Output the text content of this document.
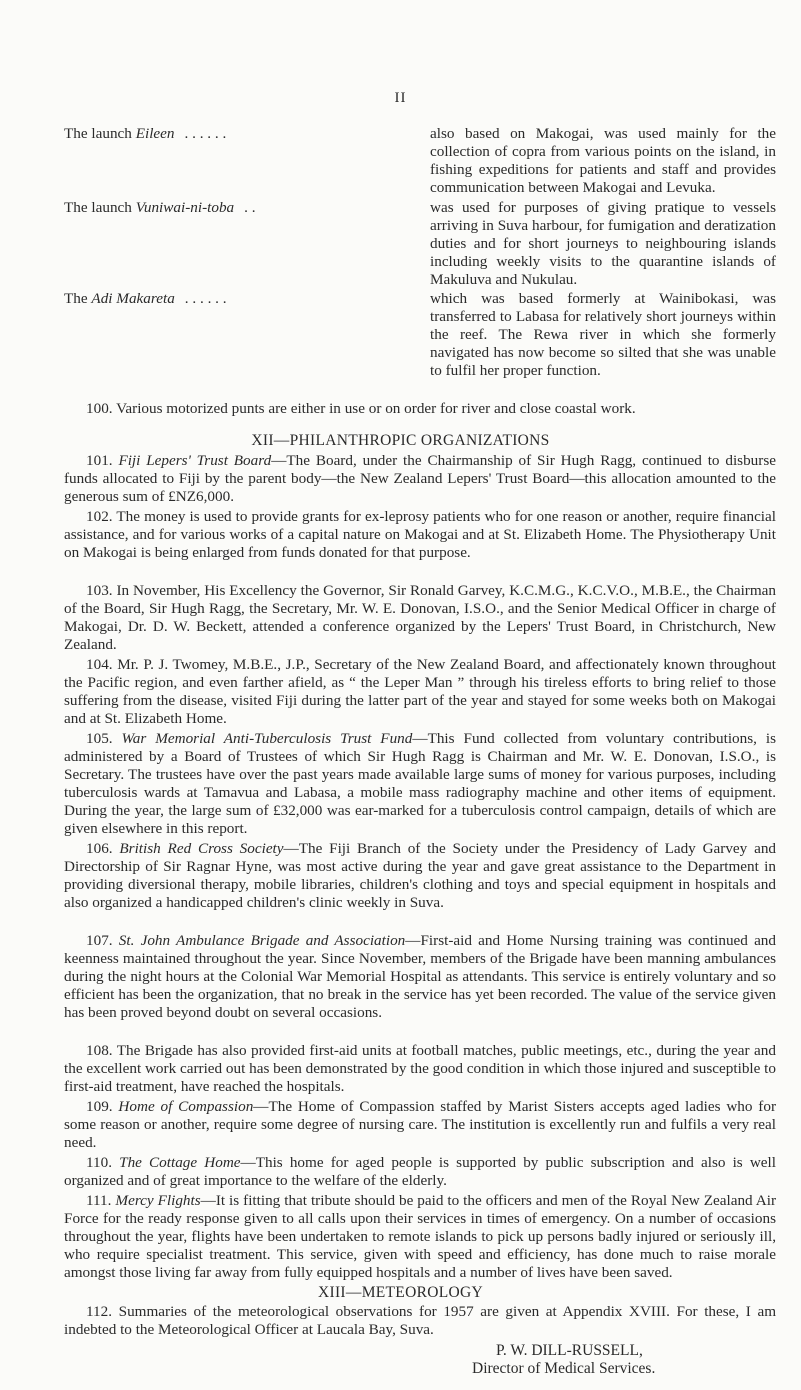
II
The launch Eileen . . . . . .	also based on Makogai, was used mainly for the collection of copra from various points on the island, in fishing expeditions for patients and staff and provides communication between Makogai and Levuka.
The launch Vuniwai-ni-toba . .	was used for purposes of giving pratique to vessels arriving in Suva harbour, for fumigation and deratization duties and for short journeys to neighbouring islands including weekly visits to the quarantine islands of Makuluva and Nukulau.
The Adi Makareta . . . . . .	which was based formerly at Wainibokasi, was transferred to Labasa for relatively short journeys within the reef. The Rewa river in which she formerly navigated has now become so silted that she was unable to fulfil her proper function.
100. Various motorized punts are either in use or on order for river and close coastal work.
XII—PHILANTHROPIC ORGANIZATIONS
101. Fiji Lepers' Trust Board—The Board, under the Chairmanship of Sir Hugh Ragg, continued to disburse funds allocated to Fiji by the parent body—the New Zealand Lepers' Trust Board—this allocation amounted to the generous sum of £NZ6,000.
102. The money is used to provide grants for ex-leprosy patients who for one reason or another, require financial assistance, and for various works of a capital nature on Makogai and at St. Elizabeth Home. The Physiotherapy Unit on Makogai is being enlarged from funds donated for that purpose.
103. In November, His Excellency the Governor, Sir Ronald Garvey, K.C.M.G., K.C.V.O., M.B.E., the Chairman of the Board, Sir Hugh Ragg, the Secretary, Mr. W. E. Donovan, I.S.O., and the Senior Medical Officer in charge of Makogai, Dr. D. W. Beckett, attended a conference organized by the Lepers' Trust Board, in Christchurch, New Zealand.
104. Mr. P. J. Twomey, M.B.E., J.P., Secretary of the New Zealand Board, and affectionately known throughout the Pacific region, and even farther afield, as “ the Leper Man ” through his tireless efforts to bring relief to those suffering from the disease, visited Fiji during the latter part of the year and stayed for some weeks both on Makogai and at St. Elizabeth Home.
105. War Memorial Anti-Tuberculosis Trust Fund—This Fund collected from voluntary contributions, is administered by a Board of Trustees of which Sir Hugh Ragg is Chairman and Mr. W. E. Donovan, I.S.O., is Secretary. The trustees have over the past years made available large sums of money for various purposes, including tuberculosis wards at Tamavua and Labasa, a mobile mass radiography machine and other items of equipment. During the year, the large sum of £32,000 was ear-marked for a tuberculosis control campaign, details of which are given elsewhere in this report.
106. British Red Cross Society—The Fiji Branch of the Society under the Presidency of Lady Garvey and Directorship of Sir Ragnar Hyne, was most active during the year and gave great assistance to the Department in providing diversional therapy, mobile libraries, children's clothing and toys and special equipment in hospitals and also organized a handicapped children's clinic weekly in Suva.
107. St. John Ambulance Brigade and Association—First-aid and Home Nursing training was continued and keenness maintained throughout the year. Since November, members of the Brigade have been manning ambulances during the night hours at the Colonial War Memorial Hospital as attendants. This service is entirely voluntary and so efficient has been the organization, that no break in the service has yet been recorded. The value of the service given has been proved beyond doubt on several occasions.
108. The Brigade has also provided first-aid units at football matches, public meetings, etc., during the year and the excellent work carried out has been demonstrated by the good condition in which those injured and susceptible to first-aid treatment, have reached the hospitals.
109. Home of Compassion—The Home of Compassion staffed by Marist Sisters accepts aged ladies who for some reason or another, require some degree of nursing care. The institution is excellently run and fulfils a very real need.
110. The Cottage Home—This home for aged people is supported by public subscription and also is well organized and of great importance to the welfare of the elderly.
111. Mercy Flights—It is fitting that tribute should be paid to the officers and men of the Royal New Zealand Air Force for the ready response given to all calls upon their services in times of emergency. On a number of occasions throughout the year, flights have been undertaken to remote islands to pick up persons badly injured or seriously ill, who require specialist treatment. This service, given with speed and efficiency, has done much to raise morale amongst those living far away from fully equipped hospitals and a number of lives have been saved.
XIII—METEOROLOGY
112. Summaries of the meteorological observations for 1957 are given at Appendix XVIII. For these, I am indebted to the Meteorological Officer at Laucala Bay, Suva.
P. W. DILL-RUSSELL,
Director of Medical Services.
